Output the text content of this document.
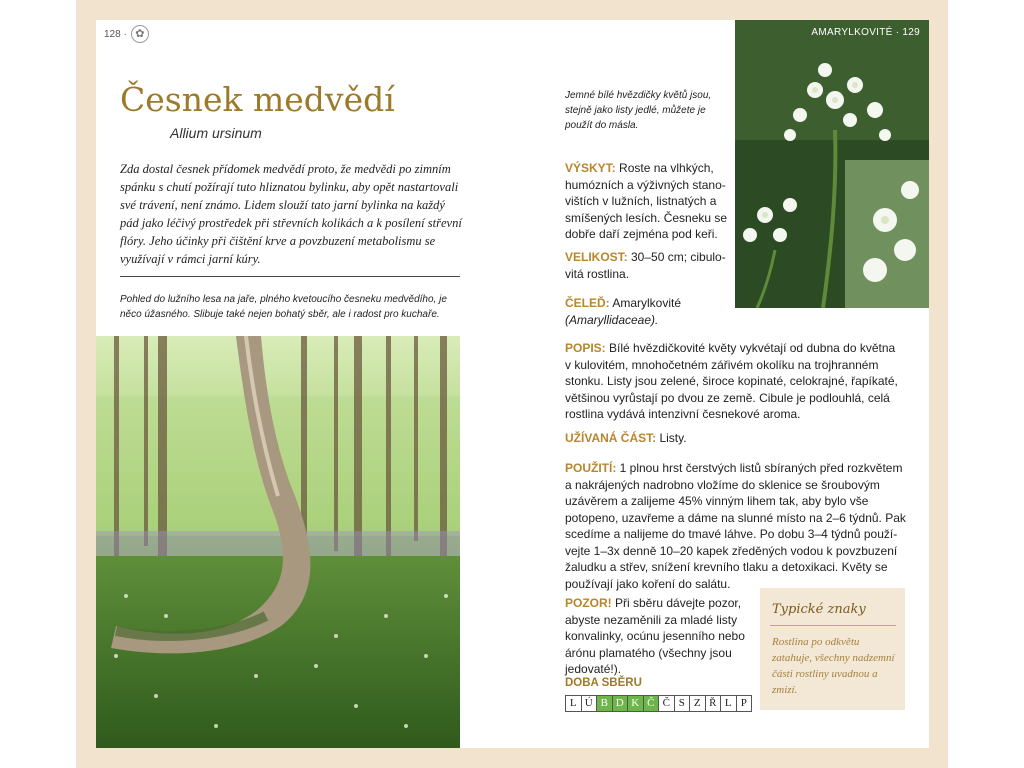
128 · ✿
Česnek medvědí
Allium ursinum

Zda dostal česnek přídomek medvědí proto, že medvědi po zimním spánku s chutí požírají tuto hliznatou bylinku, aby opět nastartovali své trávení, není známo. Lidem slouží tato jarní bylinka na každý pád jako léčivý prostředek při střevních kolikách a k posílení střevní flóry. Jeho účinky při čištění krve a povzbuzení metabolismu se využívají v rámci jarní kúry.

Pohled do lužního lesa na jaře, plného kvetoucího česneku medvědího, je něco úžasného. Slibuje také nejen bohatý sběr, ale i radost pro kuchaře.

AMARYLKOVITÉ · 129

Jemné bílé hvězdičky květů jsou, stejně jako listy jedlé, můžete je použít do másla.

VÝSKYT: Roste na vlhkých,
humózních a výživných stano-
vištích v lužních, listnatých a
smíšených lesích. Česneku se
dobře daří zejména pod keři.

VELIKOST: 30–50 cm; cibulo-
vitá rostlina.

ČELEĎ: Amarylkovité
(Amaryllidaceae).

POPIS: Bílé hvězdičkovité květy vykvétají od dubna do května
v kulovitém, mnohočetném zářivém okolíku na trojhranném
stonku. Listy jsou zelené, široce kopinaté, celokrajné, řapíkaté,
většinou vyrůstají po dvou ze země. Cibule je podlouhlá, celá
rostlina vydává intenzivní česnekové aroma.

UŽÍVANÁ ČÁST: Listy.

POUŽITÍ: 1 plnou hrst čerstvých listů sbíraných před rozkvětem
a nakrájených nadrobno vložíme do sklenice se šroubovým
uzávěrem a zalijeme 45% vinným lihem tak, aby bylo vše
potopeno, uzavřeme a dáme na slunné místo na 2–6 týdnů. Pak
scedíme a nalijeme do tmavé láhve. Po dobu 3–4 týdnů použí-
vejte 1–3x denně 10–20 kapek zředěných vodou k povzbuzení
žaludku a střev, snížení krevního tlaku a detoxikaci. Květy se
používají jako koření do salátu.

POZOR! Při sběru dávejte pozor,
abyste nezaměnili za mladé listy
konvalinky, ocúnu jesenního nebo
árónu plamatého (všechny jsou
jedovaté!).

Typické znaky

Rostlina po odkvětu zatahuje, všechny nadzemní části rostliny uvadnou a zmizí.

DOBA SBĚRU
L Ú B D K Č Č S Z Ř L P
